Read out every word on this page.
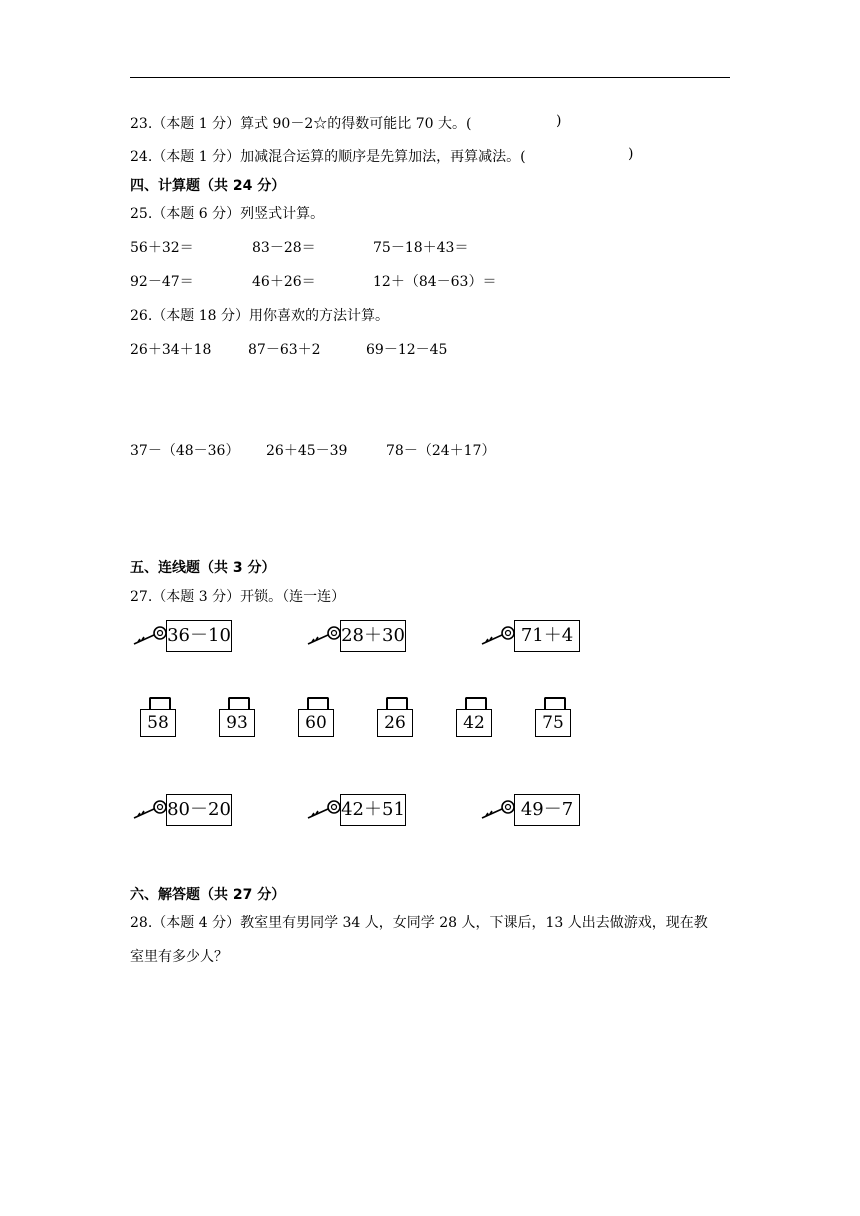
23.（本题 1 分）算式 90－2☆的得数可能比 70 大。(	)
24.（本题 1 分）加减混合运算的顺序是先算加法，再算减法。(	)
四、计算题（共 24 分）
25.（本题 6 分）列竖式计算。
56＋32＝	83－28＝	75－18＋43＝
92－47＝	46＋26＝	12＋（84－63）＝
26.（本题 18 分）用你喜欢的方法计算。
26＋34＋18	87－63＋2	69－12－45
37－（48－36） 26＋45－39	78－（24＋17）
五、连线题（共 3 分）
27.（本题 3 分）开锁。（连一连）
36－10	28＋30	71＋4
58	93	60	26	42	75
80－20	42＋51	49－7
六、解答题（共 27 分）
28.（本题 4 分）教室里有男同学 34 人，女同学 28 人，下课后，13 人出去做游戏，现在教
室里有多少人？
